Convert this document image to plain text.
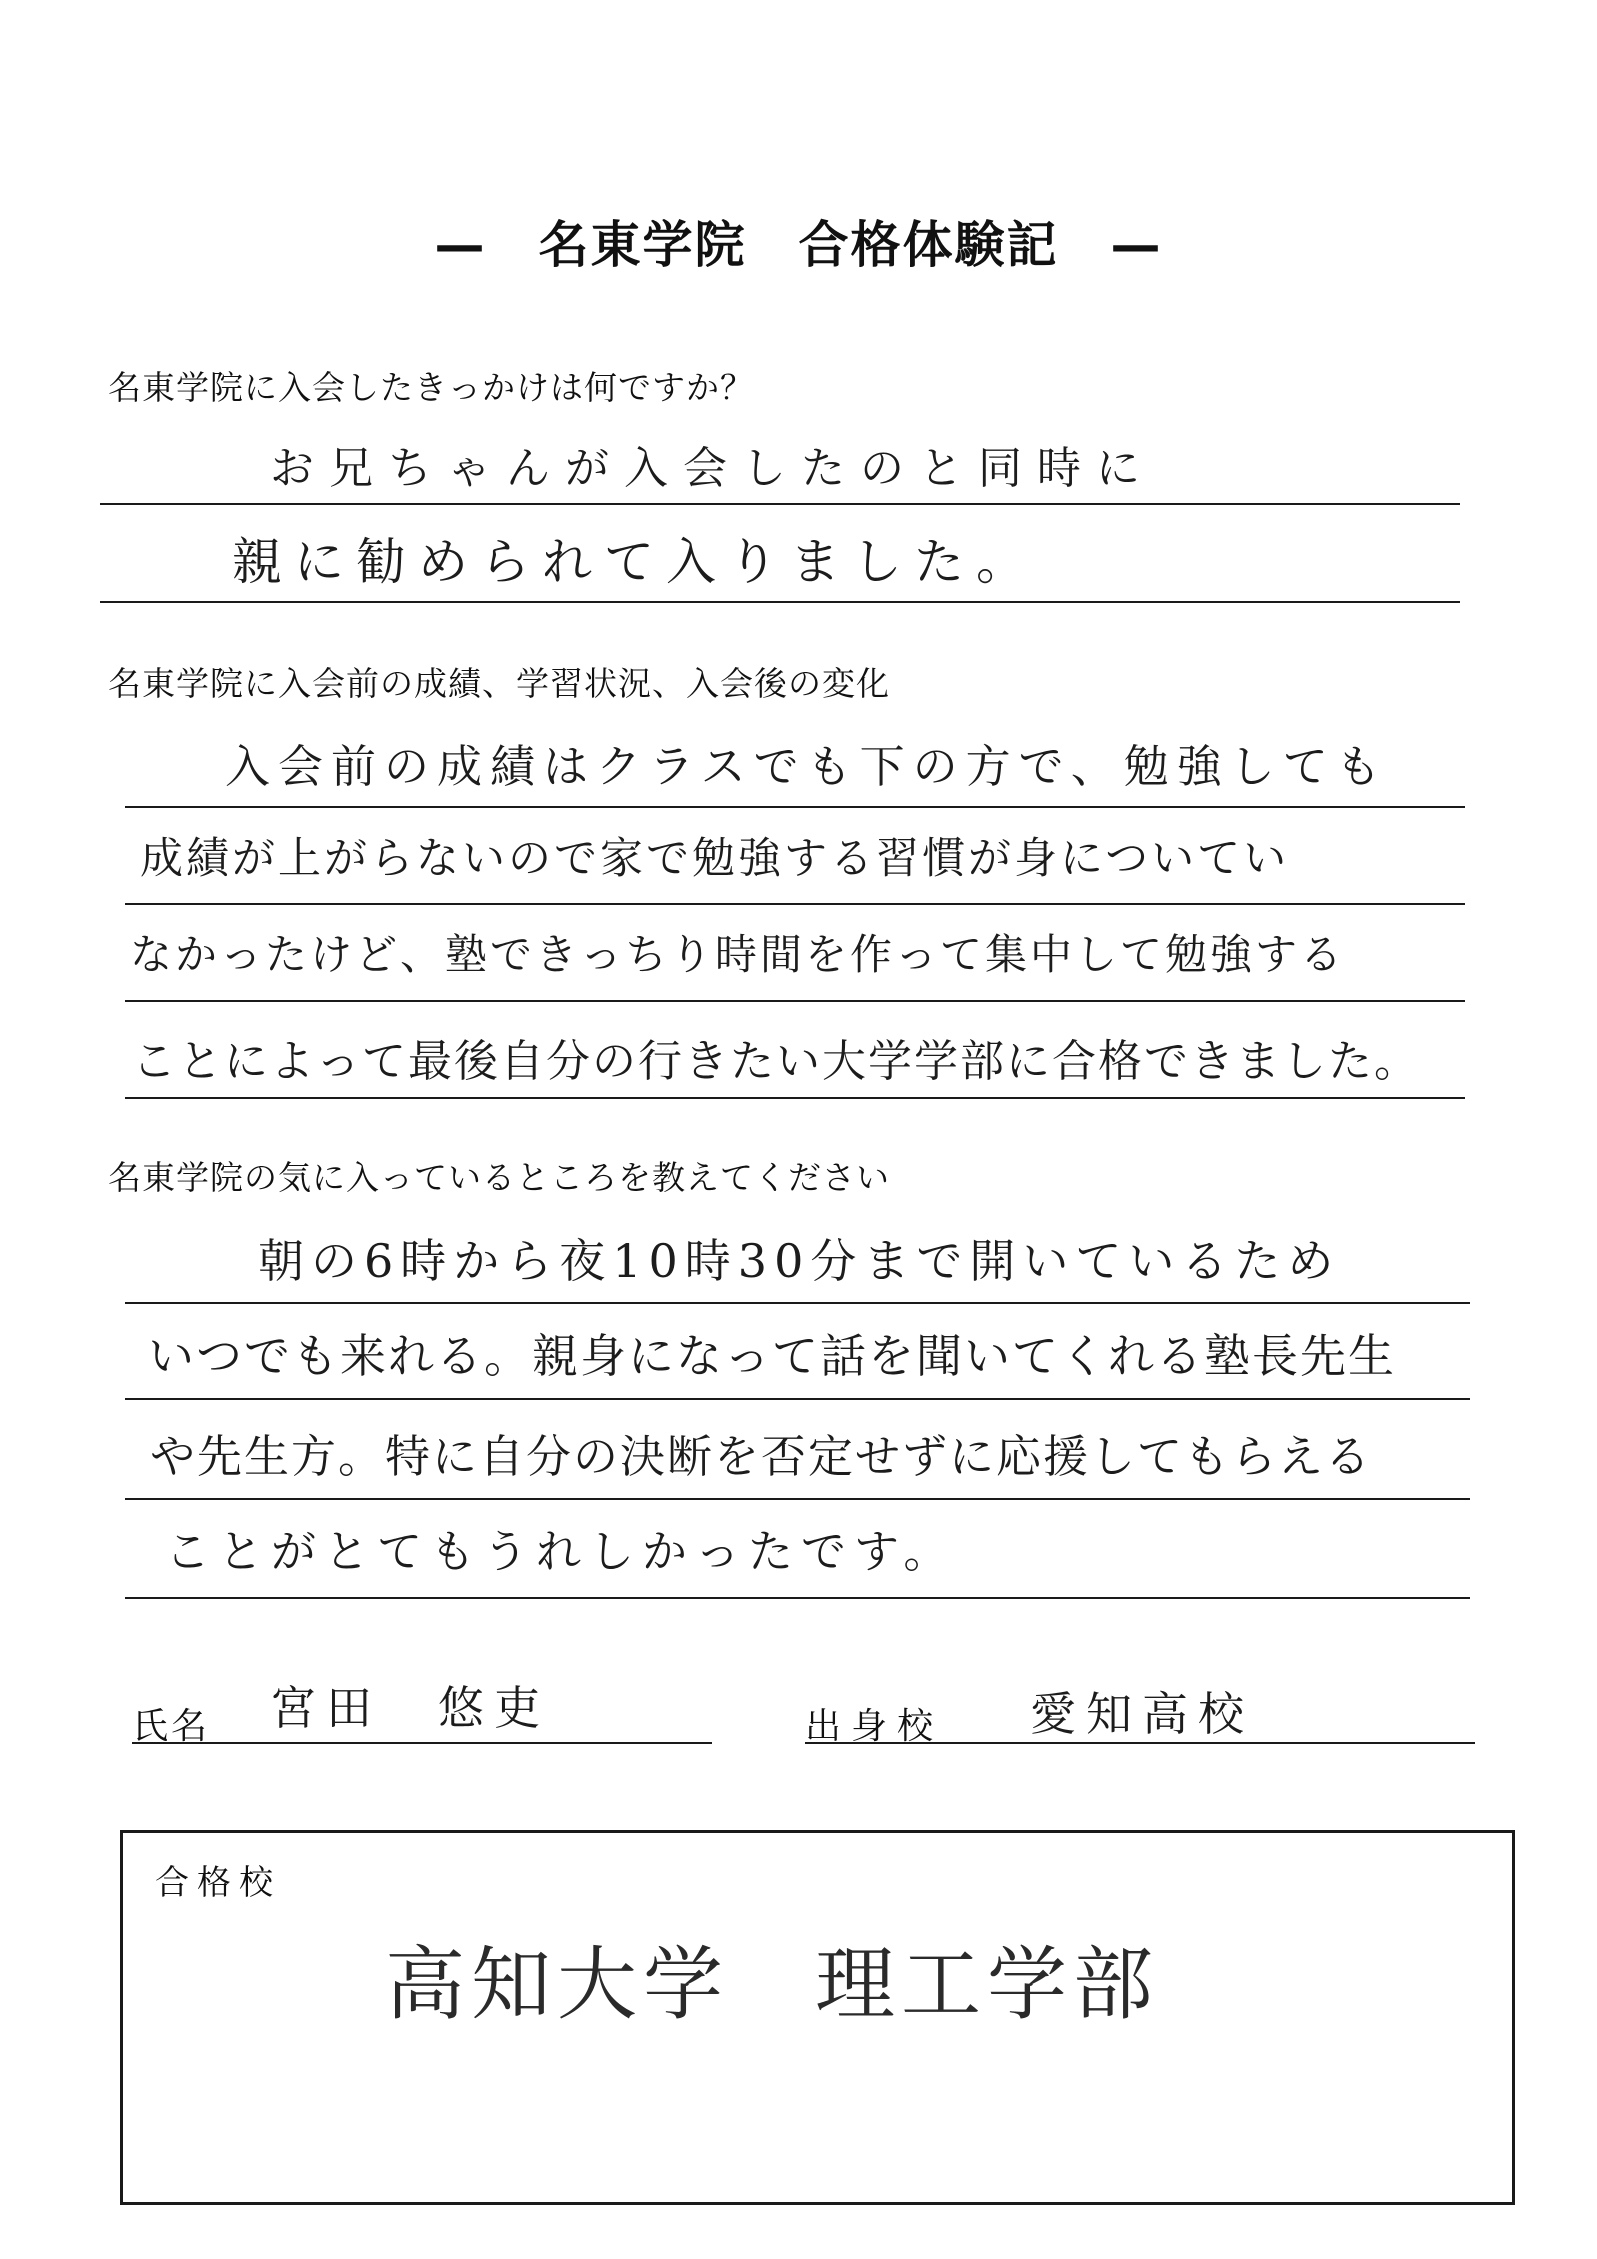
—　名東学院　合格体験記　—
名東学院に入会したきっかけは何ですか？
お兄ちゃんが入会したのと同時に
親に勧められて入りました。
名東学院に入会前の成績、学習状況、入会後の変化
入会前の成績はクラスでも下の方で、勉強しても
成績が上がらないので家で勉強する習慣が身についてい
なかったけど、塾できっちり時間を作って集中して勉強する
ことによって最後自分の行きたい大学学部に合格できました。
名東学院の気に入っているところを教えてください
朝の6時から夜10時30分まで開いているため
いつでも来れる。親身になって話を聞いてくれる塾長先生
や先生方。特に自分の決断を否定せずに応援してもらえる
ことがとてもうれしかったです。
氏名 宮田　悠吏	出身校 愛知高校
合格校
高知大学　理工学部
